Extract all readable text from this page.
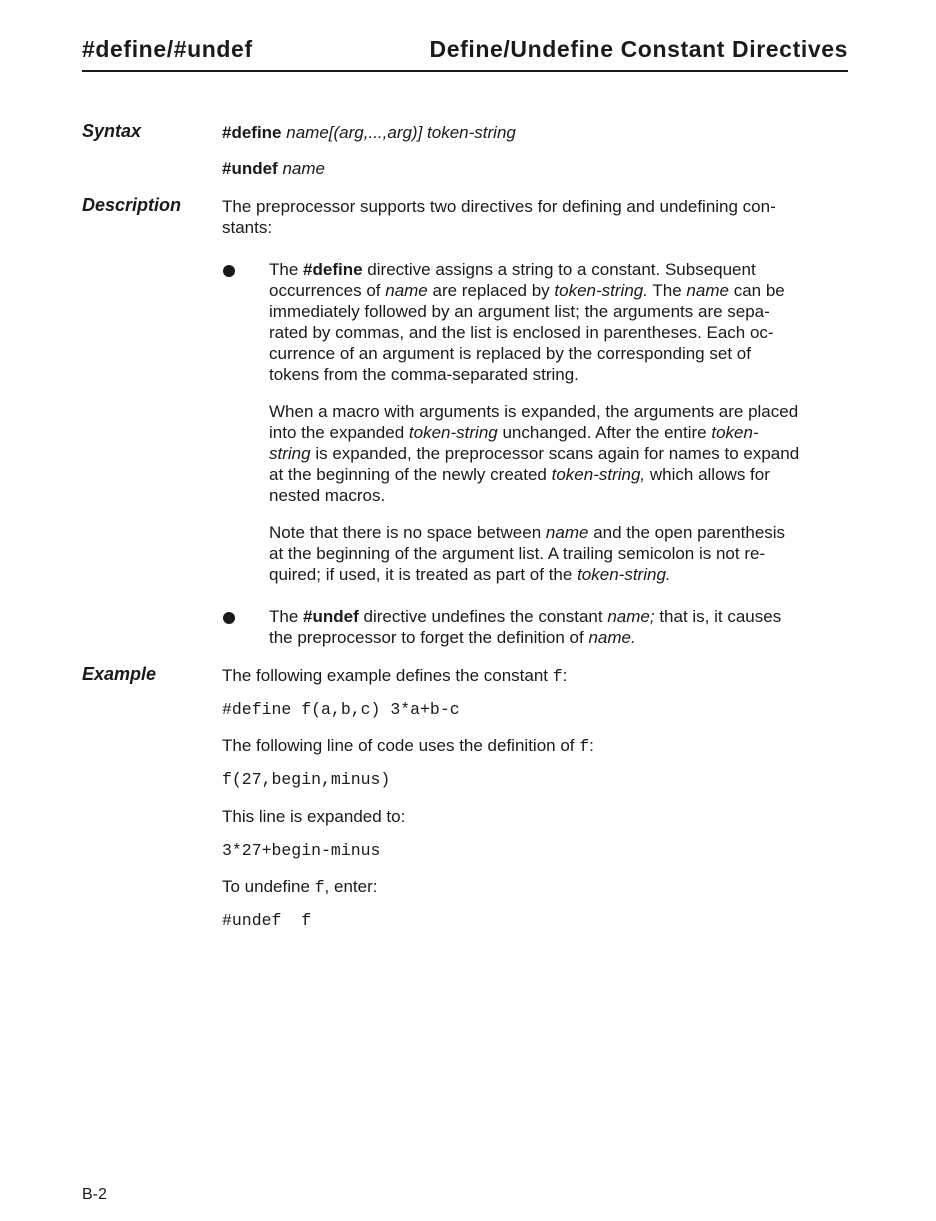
#define/#undef	Define/Undefine Constant Directives
Syntax	#define name[(arg,...,arg)] token-string
#undef name
Description The preprocessor supports two directives for defining and undefining con-
stants:
The #define directive assigns a string to a constant. Subsequent
occurrences of name are replaced by token-string. The name can be
immediately followed by an argument list; the arguments are sepa-
rated by commas, and the list is enclosed in parentheses. Each oc-
currence of an argument is replaced by the corresponding set of
tokens from the comma-separated string.
When a macro with arguments is expanded, the arguments are placed
into the expanded token-string unchanged. After the entire token-
string is expanded, the preprocessor scans again for names to expand
at the beginning of the newly created token-string, which allows for
nested macros.
Note that there is no space between name and the open parenthesis
at the beginning of the argument list. A trailing semicolon is not re-
quired; if used, it is treated as part of the token-string.
The #undef directive undefines the constant name; that is, it causes
the preprocessor to forget the definition of name.
Example	The following example defines the constant f:
#define f(a,b,c) 3*a+b-c
The following line of code uses the definition of f:
f(27,begin,minus)
This line is expanded to:
3*27+begin-minus
To undefine f, enter:
#undef  f
B-2
